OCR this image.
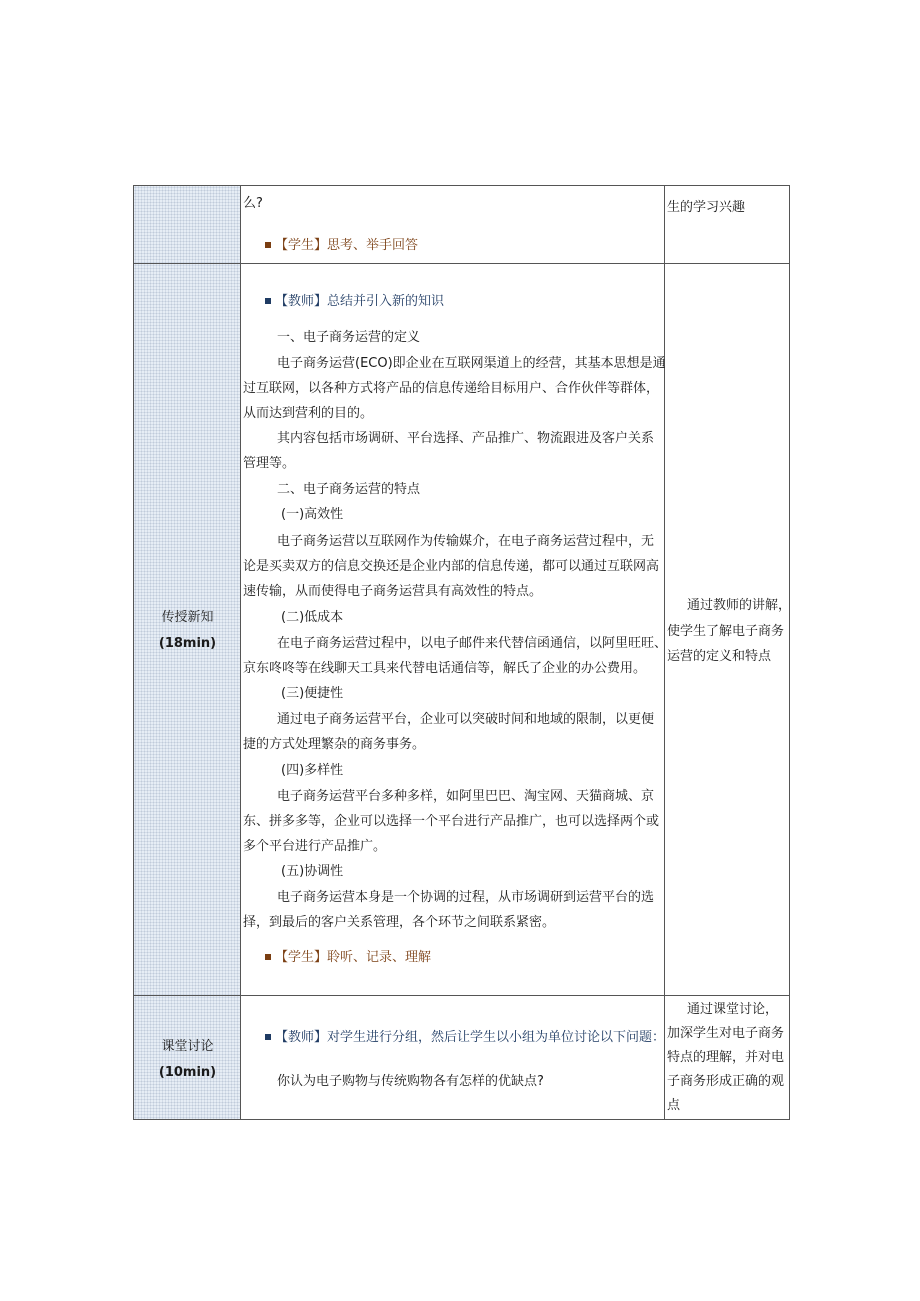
么?
【学生】思考、举手回答
生的学习兴趣
传授新知
(18min)
【教师】总结并引入新的知识
一、电子商务运营的定义
电子商务运营(ECO)即企业在互联网渠道上的经营，其基本思想是通
过互联网，以各种方式将产品的信息传递给目标用户、合作伙伴等群体，
从而达到营利的目的。
其内容包括市场调研、平台选择、产品推广、物流跟进及客户关系
管理等。
二、电子商务运营的特点
(一)高效性
电子商务运营以互联网作为传输媒介，在电子商务运营过程中，无
论是买卖双方的信息交换还是企业内部的信息传递，都可以通过互联网高
速传输，从而使得电子商务运营具有高效性的特点。
(二)低成本
在电子商务运营过程中，以电子邮件来代替信函通信，以阿里旺旺、
京东咚咚等在线聊天工具来代替电话通信等，解氏了企业的办公费用。
(三)便捷性
通过电子商务运营平台，企业可以突破时间和地域的限制，以更便
捷的方式处理繁杂的商务事务。
(四)多样性
电子商务运营平台多种多样，如阿里巴巴、淘宝网、天猫商城、京
东、拼多多等，企业可以选择一个平台进行产品推广，也可以选择两个或
多个平台进行产品推广。
(五)协调性
电子商务运营本身是一个协调的过程，从市场调研到运营平台的选
择，到最后的客户关系管理，各个环节之间联系紧密。
【学生】聆听、记录、理解
通过教师的讲解，
使学生了解电子商务
运营的定义和特点
课堂讨论
(10min)
【教师】对学生进行分组，然后让学生以小组为单位讨论以下问题：
你认为电子购物与传统购物各有怎样的优缺点?
通过课堂讨论，
加深学生对电子商务
特点的理解，并对电
子商务形成正确的观
点
